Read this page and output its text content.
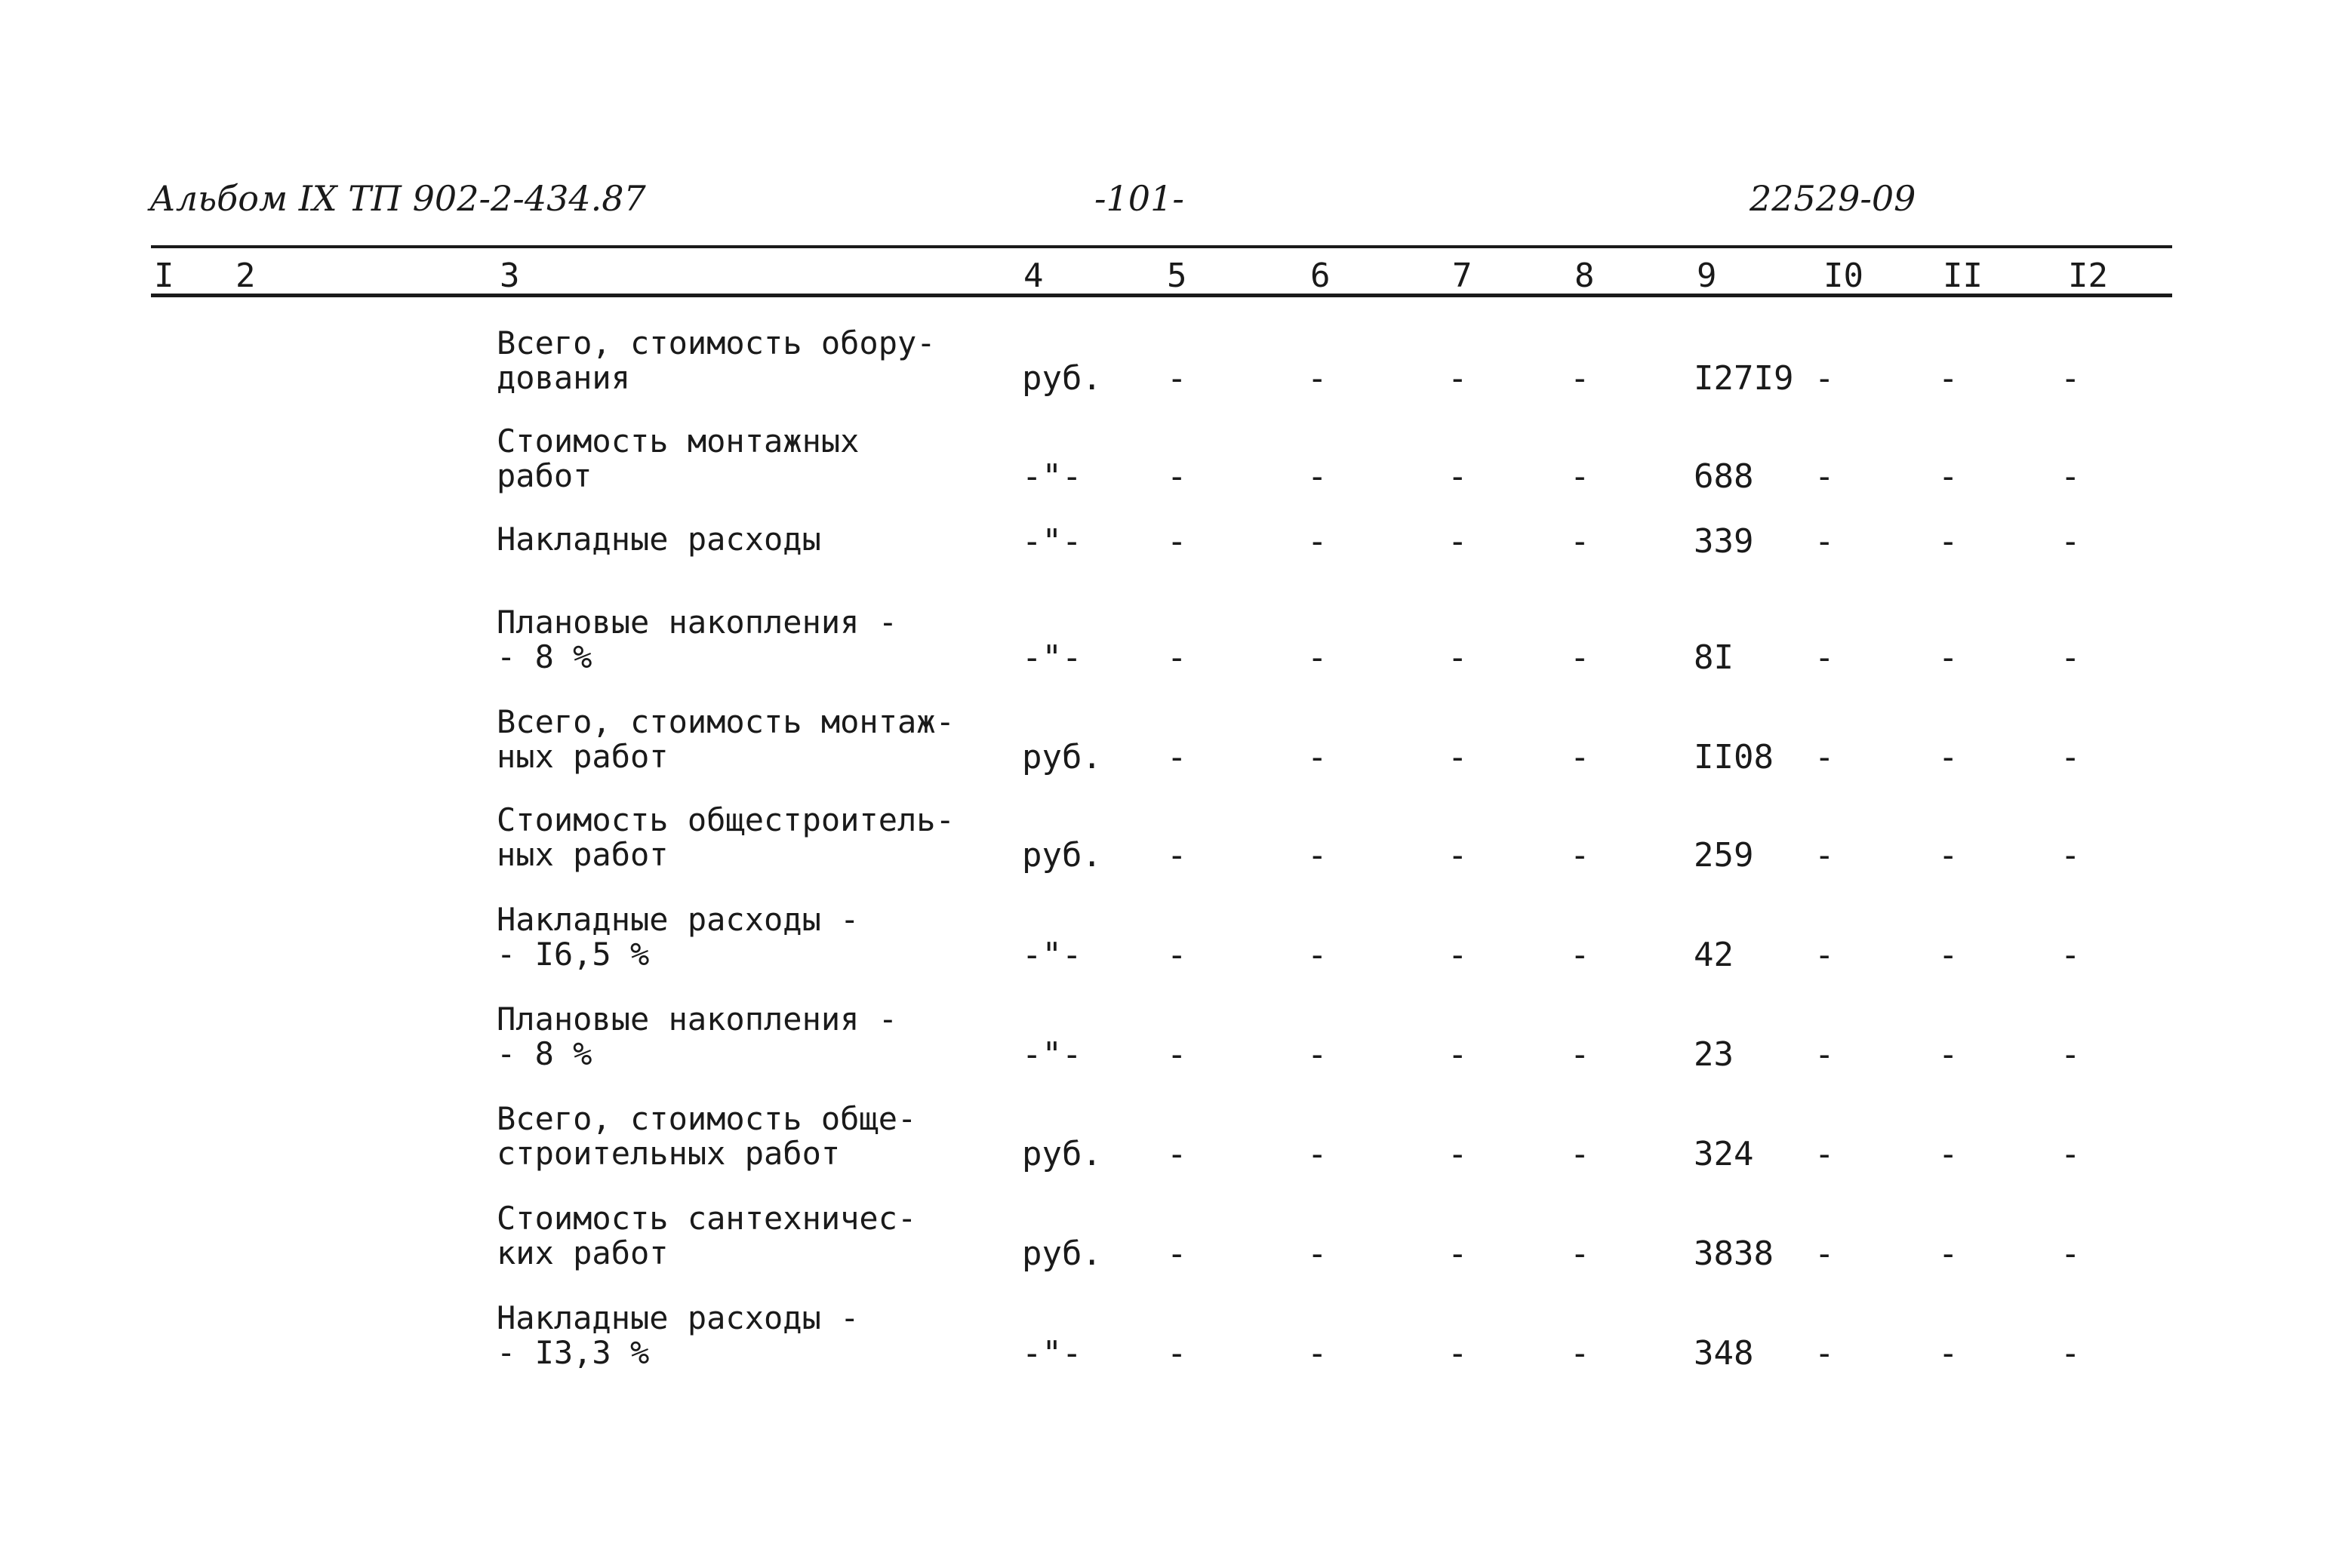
Альбом IX ТП 902-2-434.87	-101-	22529-09
I 2	3	4	5	6	7	8	9	I0 II	I2
Всего, стоимость обору-
дования	руб. -	-	-	-	I27I9 -	-	-
Стоимость монтажных
работ	-"-	-	-	-	-	688 -	-	-
Накладные расходы	-"-	-	-	-	-	339 -	-	-
Плановые накопления -
- 8 %	-"-	-	-	-	-	8I -	-	-
Всего, стоимость монтаж-
ных работ	руб. -	-	-	-	II08 -	-	-
Стоимость общестроитель-
ных работ	руб. -	-	-	-	259 -	-	-
Накладные расходы -
- I6,5 %	-"-	-	-	-	-	42 -	-	-
Плановые накопления -
- 8 %	-"-	-	-	-	-	23 -	-	-
Всего, стоимость обще-
строительных работ	руб. -	-	-	-	324 -	-	-
Стоимость сантехничес-
ких работ	руб. -	-	-	-	3838 -	-	-
Накладные расходы -
- I3,3 %	-"-	-	-	-	-	348 -	-	-
